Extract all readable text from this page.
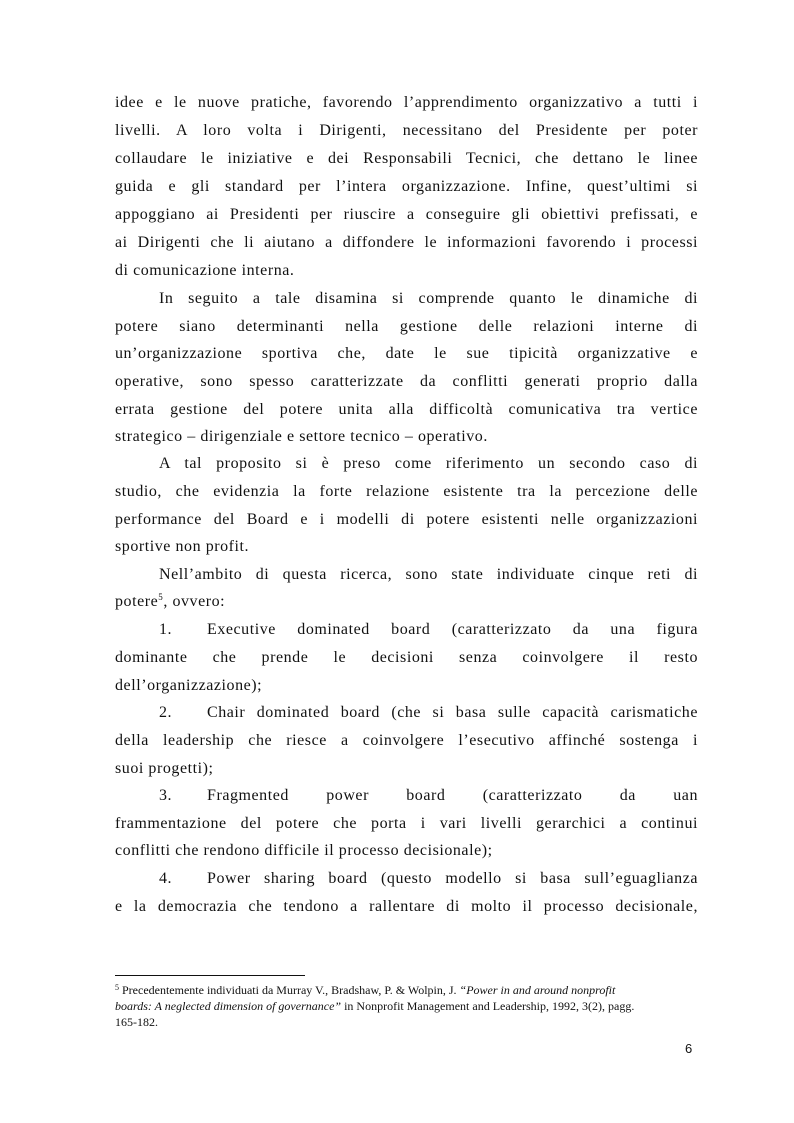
idee e le nuove pratiche, favorendo l’apprendimento organizzativo a tutti i
livelli. A loro volta i Dirigenti, necessitano del Presidente per poter
collaudare le iniziative e dei Responsabili Tecnici, che dettano le linee
guida e gli standard per l’intera organizzazione. Infine, quest’ultimi si
appoggiano ai Presidenti per riuscire a conseguire gli obiettivi prefissati, e
ai Dirigenti che li aiutano a diffondere le informazioni favorendo i processi
di comunicazione interna.
In seguito a tale disamina si comprende quanto le dinamiche di
potere siano determinanti nella gestione delle relazioni interne di
un’organizzazione sportiva che, date le sue tipicità organizzative e
operative, sono spesso caratterizzate da conflitti generati proprio dalla
errata gestione del potere unita alla difficoltà comunicativa tra vertice
strategico – dirigenziale e settore tecnico – operativo.
A tal proposito si è preso come riferimento un secondo caso di
studio, che evidenzia la forte relazione esistente tra la percezione delle
performance del Board e i modelli di potere esistenti nelle organizzazioni
sportive non profit.
Nell’ambito di questa ricerca, sono state individuate cinque reti di
potere$^5$, ovvero:
1. Executive dominated board (caratterizzato da una figura
dominante che prende le decisioni senza coinvolgere il resto
dell’organizzazione);
2. Chair dominated board (che si basa sulle capacità carismatiche
della leadership che riesce a coinvolgere l’esecutivo affinché sostenga i
suoi progetti);
3. Fragmented power board (caratterizzato da uan
frammentazione del potere che porta i vari livelli gerarchici a continui
conflitti che rendono difficile il processo decisionale);
4. Power sharing board (questo modello si basa sull’eguaglianza
e la democrazia che tendono a rallentare di molto il processo decisionale,
$^5$ Precedentemente individuati da Murray V., Bradshaw, P. & Wolpin, J. “Power in and around nonprofit
boards: A neglected dimension of governance” in Nonprofit Management and Leadership, 1992, 3(2), pagg.
165-182.
6
